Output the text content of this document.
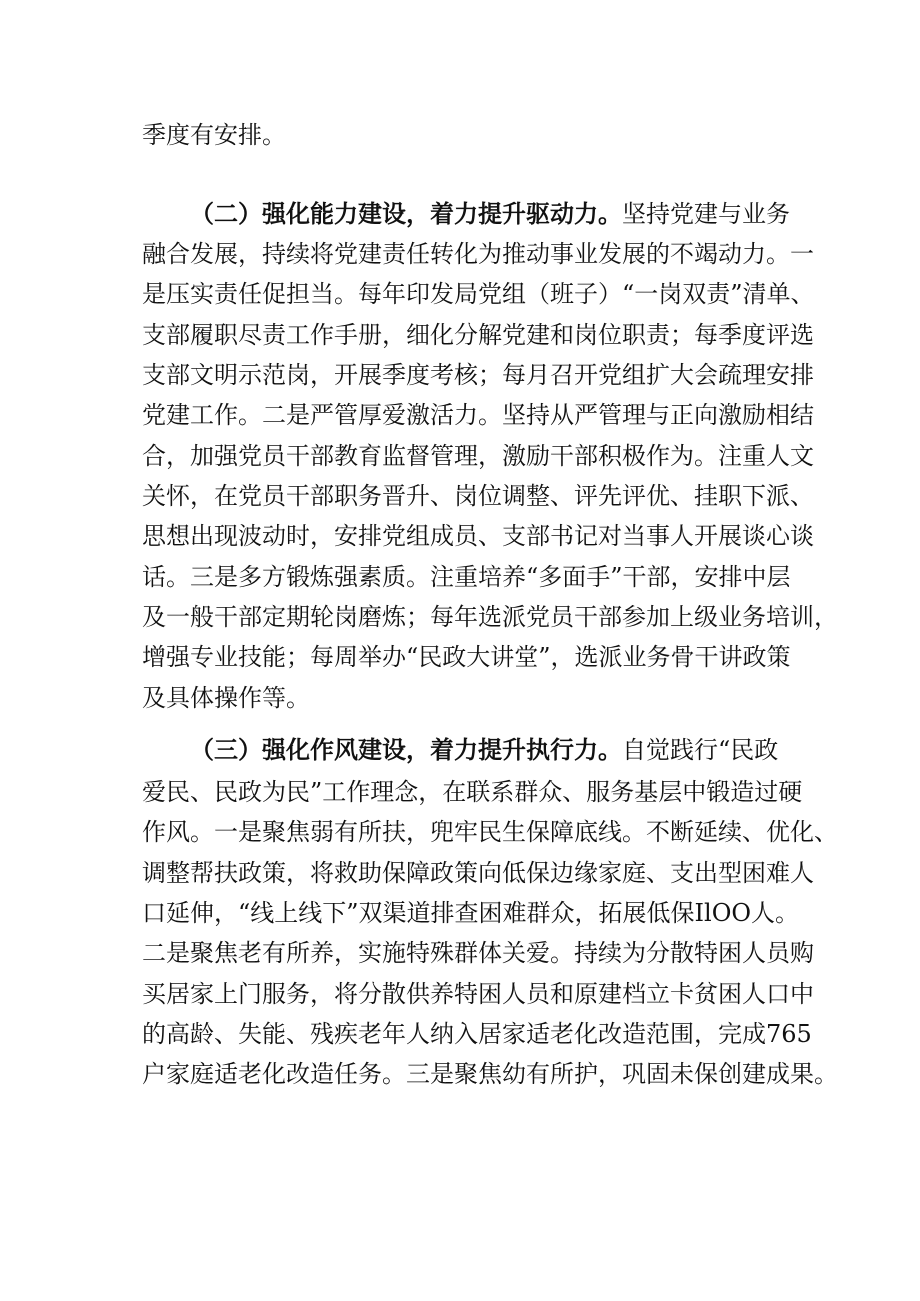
季度有安排。
（二）强化能力建设，着力提升驱动力。坚持党建与业务
融合发展，持续将党建责任转化为推动事业发展的不竭动力。一
是压实责任促担当。每年印发局党组（班子）“一岗双责”清单、
支部履职尽责工作手册，细化分解党建和岗位职责；每季度评选
支部文明示范岗，开展季度考核；每月召开党组扩大会疏理安排
党建工作。二是严管厚爱激活力。坚持从严管理与正向激励相结
合，加强党员干部教育监督管理，激励干部积极作为。注重人文
关怀，在党员干部职务晋升、岗位调整、评先评优、挂职下派、
思想出现波动时，安排党组成员、支部书记对当事人开展谈心谈
话。三是多方锻炼强素质。注重培养“多面手”干部，安排中层
及一般干部定期轮岗磨炼；每年选派党员干部参加上级业务培训，
增强专业技能；每周举办“民政大讲堂”，选派业务骨干讲政策
及具体操作等。
（三）强化作风建设，着力提升执行力。自觉践行“民政
爱民、民政为民”工作理念，在联系群众、服务基层中锻造过硬
作风。一是聚焦弱有所扶，兜牢民生保障底线。不断延续、优化、
调整帮扶政策，将救助保障政策向低保边缘家庭、支出型困难人
口延伸，“线上线下”双渠道排查困难群众，拓展低保IlOO人。
二是聚焦老有所养，实施特殊群体关爱。持续为分散特困人员购
买居家上门服务，将分散供养特困人员和原建档立卡贫困人口中
的高龄、失能、残疾老年人纳入居家适老化改造范围，完成765
户家庭适老化改造任务。三是聚焦幼有所护，巩固未保创建成果。
